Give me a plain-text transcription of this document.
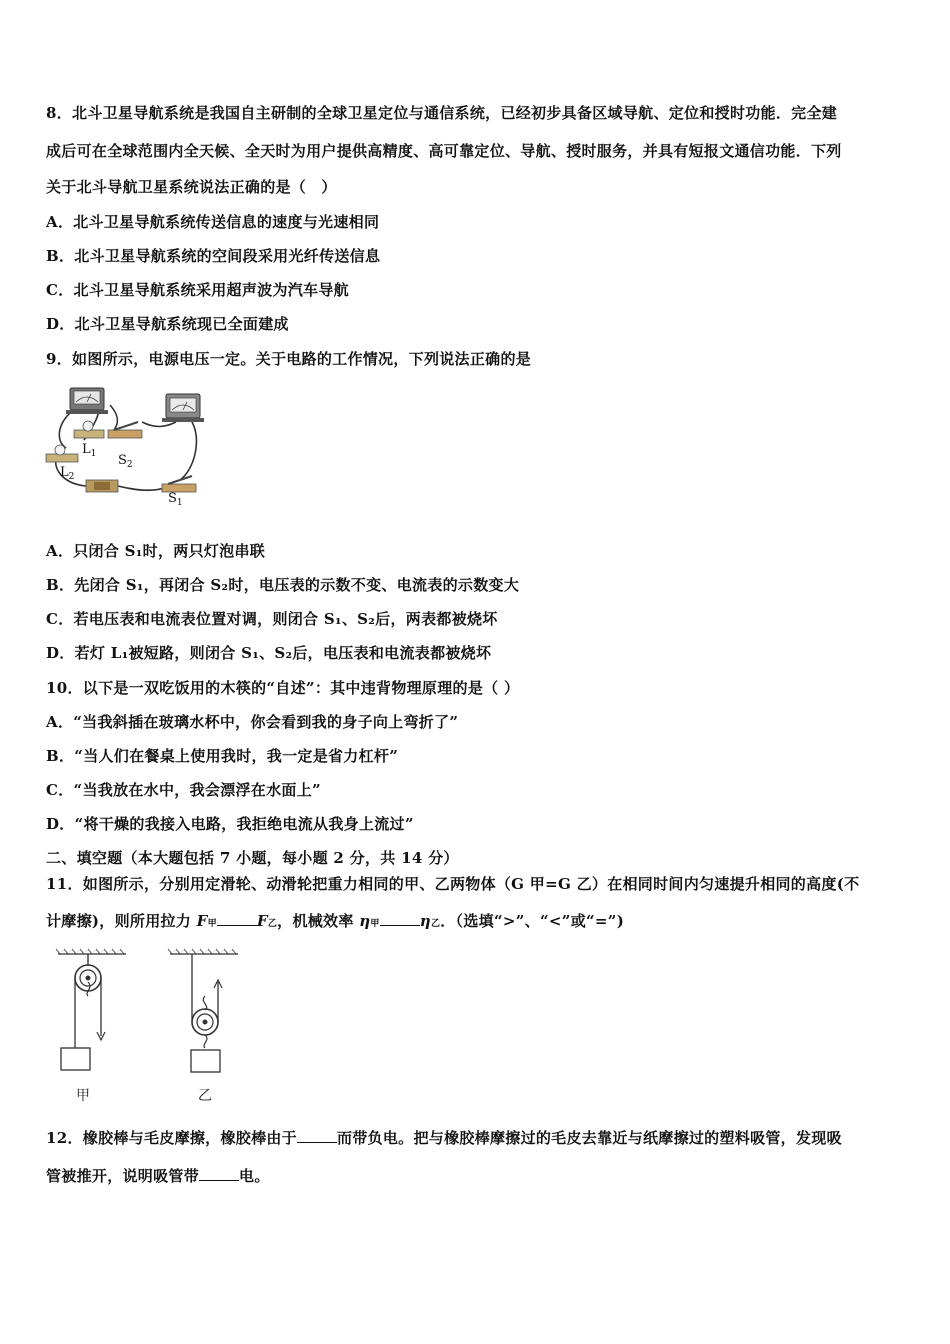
8．北斗卫星导航系统是我国自主研制的全球卫星定位与通信系统，已经初步具备区域导航、定位和授时功能．完全建
成后可在全球范围内全天候、全天时为用户提供高精度、高可靠定位、导航、授时服务，并具有短报文通信功能．下列
关于北斗导航卫星系统说法正确的是（　）
A．北斗卫星导航系统传送信息的速度与光速相同
B．北斗卫星导航系统的空间段采用光纤传送信息
C．北斗卫星导航系统采用超声波为汽车导航
D．北斗卫星导航系统现已全面建成
9．如图所示，电源电压一定。关于电路的工作情况，下列说法正确的是
$L_1$ $S_2$
$L_2$
$S_1$
A．只闭合 S₁时，两只灯泡串联
B．先闭合 S₁，再闭合 S₂时，电压表的示数不变、电流表的示数变大
C．若电压表和电流表位置对调，则闭合 S₁、S₂后，两表都被烧坏
D．若灯 L₁被短路，则闭合 S₁、S₂后，电压表和电流表都被烧坏
10．以下是一双吃饭用的木筷的“自述”：其中违背物理原理的是（ ）
A．“当我斜插在玻璃水杯中，你会看到我的身子向上弯折了”
B．“当人们在餐桌上使用我时，我一定是省力杠杆”
C．“当我放在水中，我会漂浮在水面上”
D．“将干燥的我接入电路，我拒绝电流从我身上流过”
二、填空题（本大题包括 7 小题，每小题 2 分，共 14 分）
11．如图所示，分别用定滑轮、动滑轮把重力相同的甲、乙两物体（G 甲=G 乙）在相同时间内匀速提升相同的高度(不
计摩擦)，则所用拉力 F甲	F乙，机械效率 η甲	η乙．（选填“>”、“<”或“=”)
甲	乙
12．橡胶棒与毛皮摩擦，橡胶棒由于	而带负电。把与橡胶棒摩擦过的毛皮去靠近与纸摩擦过的塑料吸管，发现吸
管被推开，说明吸管带	电。
